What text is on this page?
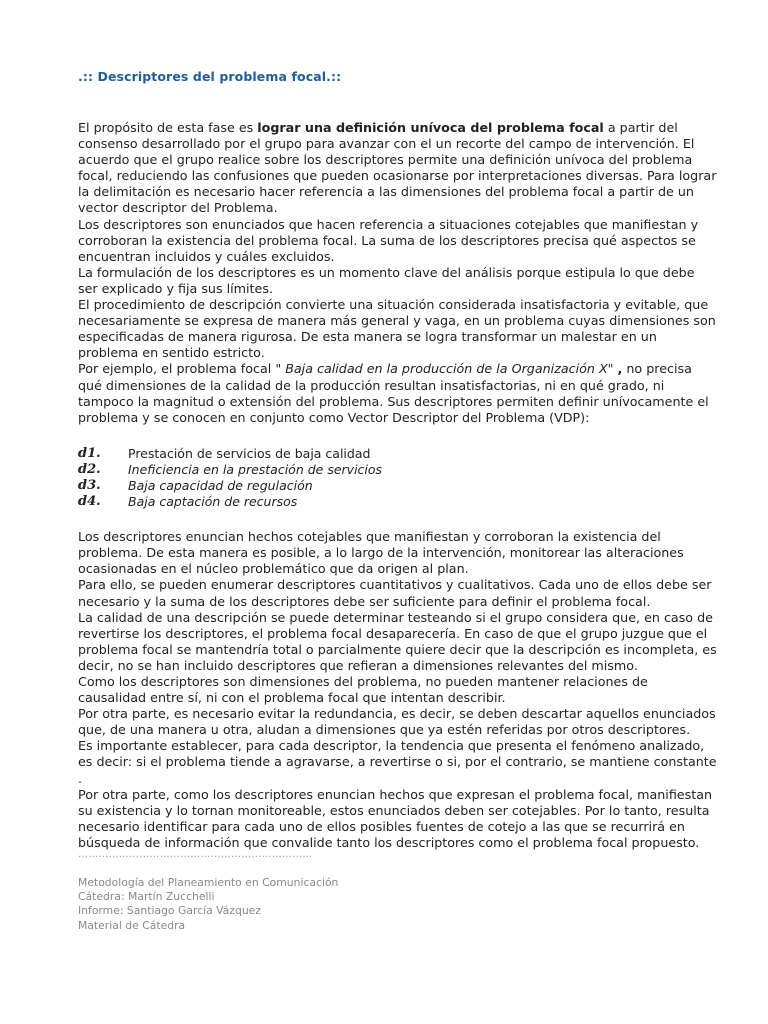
.:: Descriptores del problema focal.::

El propósito de esta fase es lograr una definición unívoca del problema focal a partir del consenso desarrollado por el grupo para avanzar con el un recorte del campo de intervención. El acuerdo que el grupo realice sobre los descriptores permite una definición unívoca del problema focal, reduciendo las confusiones que pueden ocasionarse por interpretaciones diversas. Para lograr la delimitación es necesario hacer referencia a las dimensiones del problema focal a partir de un vector descriptor del Problema.

Los descriptores son enunciados que hacen referencia a situaciones cotejables que manifiestan y corroboran la existencia del problema focal. La suma de los descriptores precisa qué aspectos se encuentran incluidos y cuáles excluidos.

La formulación de los descriptores es un momento clave del análisis porque estipula lo que debe ser explicado y fija sus límites.

El procedimiento de descripción convierte una situación considerada insatisfactoria y evitable, que necesariamente se expresa de manera más general y vaga, en un problema cuyas dimensiones son especificadas de manera rigurosa. De esta manera se logra transformar un malestar en un problema en sentido estricto.

Por ejemplo, el problema focal " Baja calidad en la producción de la Organización X" , no precisa qué dimensiones de la calidad de la producción resultan insatisfactorias, ni en qué grado, ni tampoco la magnitud o extensión del problema. Sus descriptores permiten definir unívocamente el problema y se conocen en conjunto como Vector Descriptor del Problema (VDP):

d1.	Prestación de servicios de baja calidad
d2.	Ineficiencia en la prestación de servicios
d3.	Baja capacidad de regulación
d4.	Baja captación de recursos

Los descriptores enuncian hechos cotejables que manifiestan y corroboran la existencia del problema. De esta manera es posible, a lo largo de la intervención, monitorear las alteraciones ocasionadas en el núcleo problemático que da origen al plan.

Para ello, se pueden enumerar descriptores cuantitativos y cualitativos. Cada uno de ellos debe ser necesario y la suma de los descriptores debe ser suficiente para definir el problema focal.

La calidad de una descripción se puede determinar testeando si el grupo considera que, en caso de revertirse los descriptores, el problema focal desaparecería. En caso de que el grupo juzgue que el problema focal se mantendría total o parcialmente quiere decir que la descripción es incompleta, es decir, no se han incluido descriptores que refieran a dimensiones relevantes del mismo.

Como los descriptores son dimensiones del problema, no pueden mantener relaciones de causalidad entre sí, ni con el problema focal que intentan describir.

Por otra parte, es necesario evitar la redundancia, es decir, se deben descartar aquellos enunciados que, de una manera u otra, aludan a dimensiones que ya estén referidas por otros descriptores.

Es importante establecer, para cada descriptor, la tendencia que presenta el fenómeno analizado, es decir: si el problema tiende a agravarse, a revertirse o si, por el contrario, se mantiene constante .

Por otra parte, como los descriptores enuncian hechos que expresan el problema focal, manifiestan su existencia y lo tornan monitoreable, estos enunciados deben ser cotejables. Por lo tanto, resulta necesario identificar para cada uno de ellos posibles fuentes de cotejo a las que se recurrirá en búsqueda de información que convalide tanto los descriptores como el problema focal propuesto.

……………………………………………………………
Metodología del Planeamiento en Comunicación
Cátedra: Martín Zucchelli
Informe: Santiago García Vázquez
Material de Cátedra
